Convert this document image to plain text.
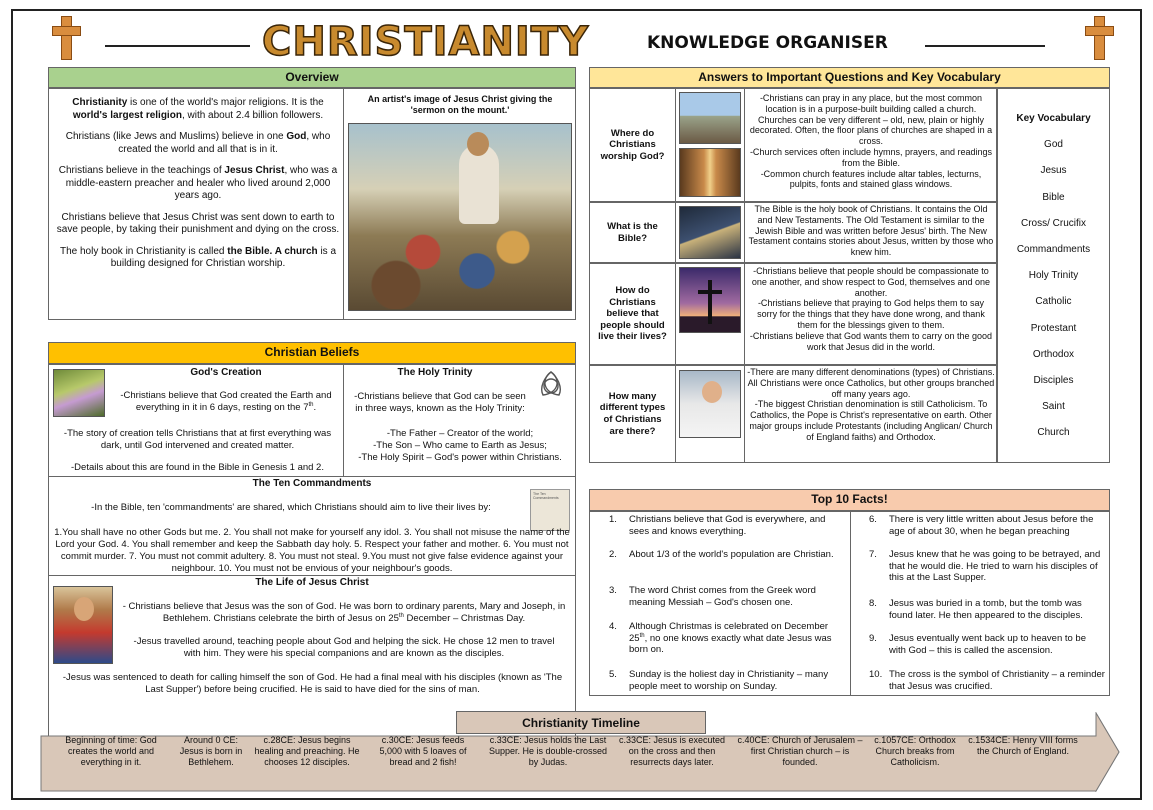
CHRISTIANITY	KNOWLEDGE ORGANISER
Overview

Christianity is one of the world's major religions. It is the world's largest religion, with about 2.4 billion followers.

Christians (like Jews and Muslims) believe in one God, who created the world and all that is in it.

Christians believe in the teachings of Jesus Christ, who was a middle-eastern preacher and healer who lived around 2,000 years ago.

Christians believe that Jesus Christ was sent down to earth to save people, by taking their punishment and dying on the cross.

The holy book in Christianity is called the Bible. A church is a building designed for Christian worship.

An artist's image of Jesus Christ giving the 'sermon on the mount.'
Christian Beliefs
God's Creation
-Christians believe that God created the Earth and everything in it in 6 days, resting on the 7th.
-The story of creation tells Christians that at first everything was dark, until God intervened and created matter.
-Details about this are found in the Bible in Genesis 1 and 2.
The Holy Trinity
-Christians believe that God can be seen in three ways, known as the Holy Trinity:
-The Father – Creator of the world;
-The Son – Who came to Earth as Jesus;
-The Holy Spirit – God's power within Christians.
The Ten Commandments
The Ten Commandments
-In the Bible, ten 'commandments' are shared, which Christians should aim to live their lives by:
1.You shall have no other Gods but me. 2. You shall not make for yourself any idol. 3. You shall not misuse the name of the Lord your God. 4. You shall remember and keep the Sabbath day holy. 5. Respect your father and mother. 6. You must not commit murder. 7. You must not commit adultery. 8. You must not steal. 9.You must not give false evidence against your neighbour. 10. You must not be envious of your neighbour's goods.
The Life of Jesus Christ
- Christians believe that Jesus was the son of God. He was born to ordinary parents, Mary and Joseph, in Bethlehem. Christians celebrate the birth of Jesus on 25th December – Christmas Day.
-Jesus travelled around, teaching people about God and helping the sick. He chose 12 men to travel with him. They were his special companions and are known as the disciples.
-Jesus was sentenced to death for calling himself the son of God. He had a final meal with his disciples (known as 'The Last Supper') before being crucified. He is said to have died for the sins of man.
Answers to Important Questions and Key Vocabulary
Where do Christians worship God?
-Christians can pray in any place, but the most common location is in a purpose-built building called a church. Churches can be very different – old, new, plain or highly decorated. Often, the floor plans of churches are shaped in a cross.
-Church services often include hymns, prayers, and readings from the Bible.
-Common church features include altar tables, lecturns, pulpits, fonts and stained glass windows.
What is the Bible?
The Bible is the holy book of Christians. It contains the Old and New Testaments. The Old Testament is similar to the Jewish Bible and was written before Jesus' birth. The New Testament contains stories about Jesus, written by those who knew him.
How do Christians believe that people should live their lives?
-Christians believe that people should be compassionate to one another, and show respect to God, themselves and one another.
-Christians believe that praying to God helps them to say sorry for the things that they have done wrong, and thank them for the blessings given to them.
-Christians believe that God wants them to carry on the good work that Jesus did in the world.
How many different types of Christians are there?
-There are many different denominations (types) of Christians. All Christians were once Catholics, but other groups branched off many years ago.
-The biggest Christian denomination is still Catholicism. To Catholics, the Pope is Christ's representative on earth. Other major groups include Protestants (including Anglican/ Church of England faiths) and Orthodox.
Key Vocabulary
God
Jesus
Bible
Cross/ Crucifix
Commandments
Holy Trinity
Catholic
Protestant
Orthodox
Disciples
Saint
Church
Top 10 Facts!
1.	Christians believe that God is everywhere, and sees and knows everything.
2.	About 1/3 of the world's population are Christian.
3.	The word Christ comes from the Greek word meaning Messiah – God's chosen one.
4.	Although Christmas is celebrated on December 25th, no one knows exactly what date Jesus was born on.
5.	Sunday is the holiest day in Christianity – many people meet to worship on Sunday.
6.	There is very little written about Jesus before the age of about 30, when he began preaching
7.	Jesus knew that he was going to be betrayed, and that he would die. He tried to warn his disciples of this at the Last Supper.
8.	Jesus was buried in a tomb, but the tomb was found later. He then appeared to the disciples.
9.	Jesus eventually went back up to heaven to be with God – this is called the ascension.
10. The cross is the symbol of Christianity – a reminder that Jesus was crucified.
Christianity Timeline
Beginning of time: God creates the world and everything in it.
Around 0 CE: Jesus is born in Bethlehem.
c.28CE: Jesus begins healing and preaching. He chooses 12 disciples.
c.30CE: Jesus feeds 5,000 with 5 loaves of bread and 2 fish!
c.33CE: Jesus holds the Last Supper. He is double-crossed by Judas.
c.33CE: Jesus is executed on the cross and then resurrects days later.
c.40CE: Church of Jerusalem – first Christian church – is founded.
c.1057CE: Orthodox Church breaks from Catholicism.
c.1534CE: Henry VIII forms the Church of England.
